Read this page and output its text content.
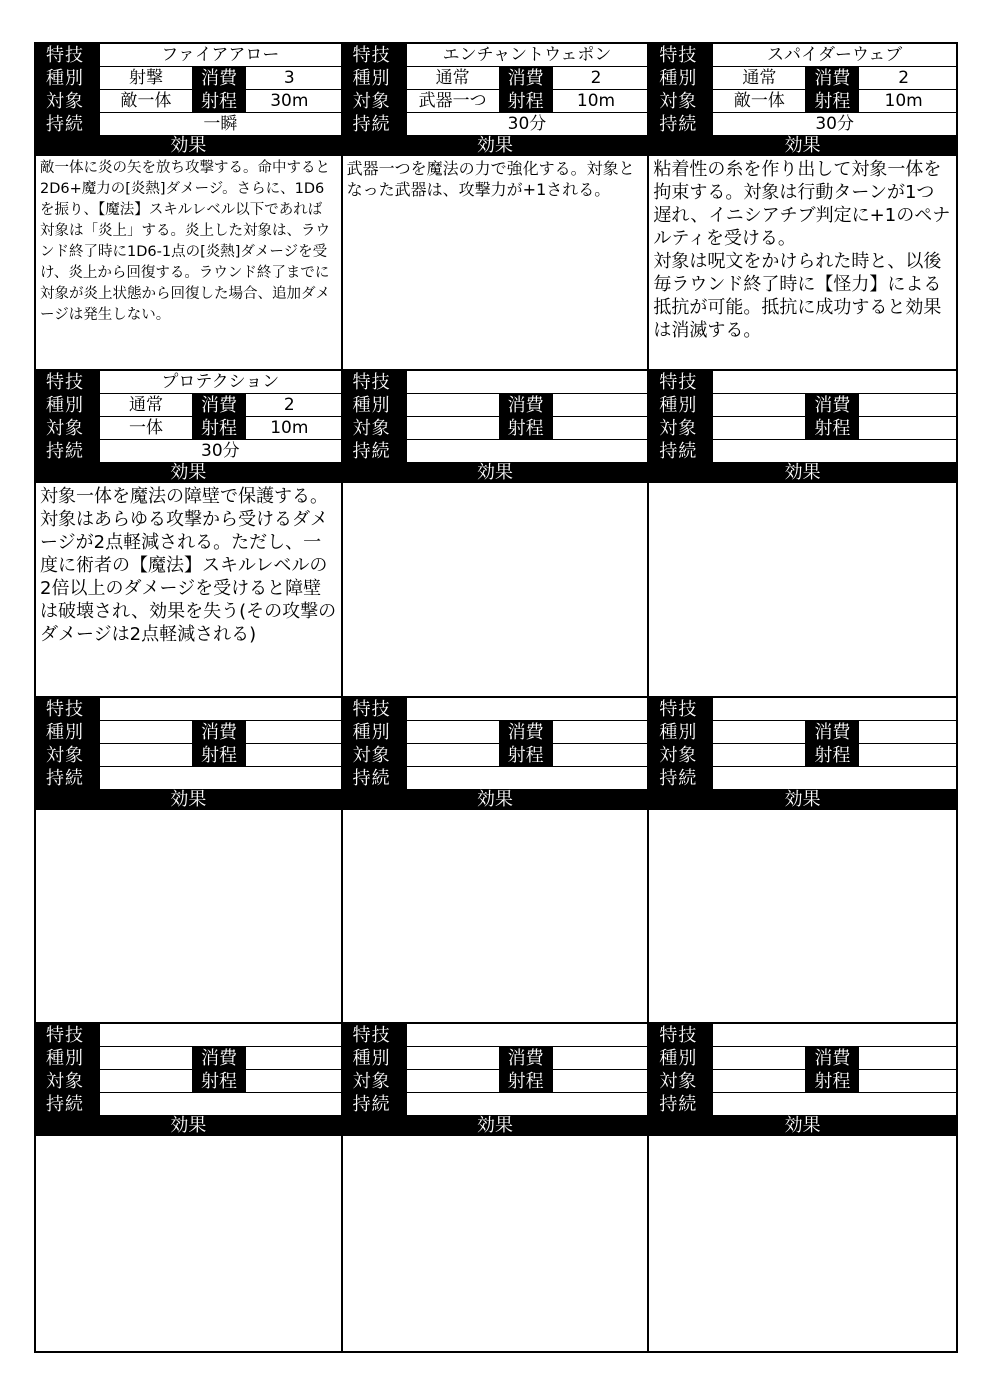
特技	ファイアアロー
種別	射撃	消費	3
対象	敵一体	射程	30m
持続	一瞬
効果
敵一体に炎の矢を放ち攻撃する。命中すると2D6+魔力の[炎熱]ダメージ。さらに、1D6を振り、【魔法】スキルレベル以下であれば対象は「炎上」する。炎上した対象は、ラウンド終了時に1D6-1点の[炎熱]ダメージを受け、炎上から回復する。ラウンド終了までに対象が炎上状態から回復した場合、追加ダメージは発生しない。
特技	エンチャントウェポン
種別	通常	消費	2
対象	武器一つ	射程	10m
持続	30分
効果
武器一つを魔法の力で強化する。対象となった武器は、攻撃力が+1される。
特技	スパイダーウェブ
種別	通常	消費	2
対象	敵一体	射程	10m
持続	30分
効果
粘着性の糸を作り出して対象一体を拘束する。対象は行動ターンが1つ遅れ、イニシアチブ判定に+1のペナルティを受ける。
対象は呪文をかけられた時と、以後毎ラウンド終了時に【怪力】による抵抗が可能。抵抗に成功すると効果は消滅する。
特技	プロテクション
種別	通常	消費	2
対象	一体	射程	10m
持続	30分
効果
対象一体を魔法の障壁で保護する。対象はあらゆる攻撃から受けるダメージが2点軽減される。ただし、一度に術者の【魔法】スキルレベルの2倍以上のダメージを受けると障壁は破壊され、効果を失う(その攻撃のダメージは2点軽減される)
特技
種別	消費
対象	射程
持続
効果
特技
種別	消費
対象	射程
持続
効果
特技
種別	消費
対象	射程
持続
効果
特技
種別	消費
対象	射程
持続
効果
特技
種別	消費
対象	射程
持続
効果
特技
種別	消費
対象	射程
持続
効果
特技
種別	消費
対象	射程
持続
効果
特技
種別	消費
対象	射程
持続
効果
